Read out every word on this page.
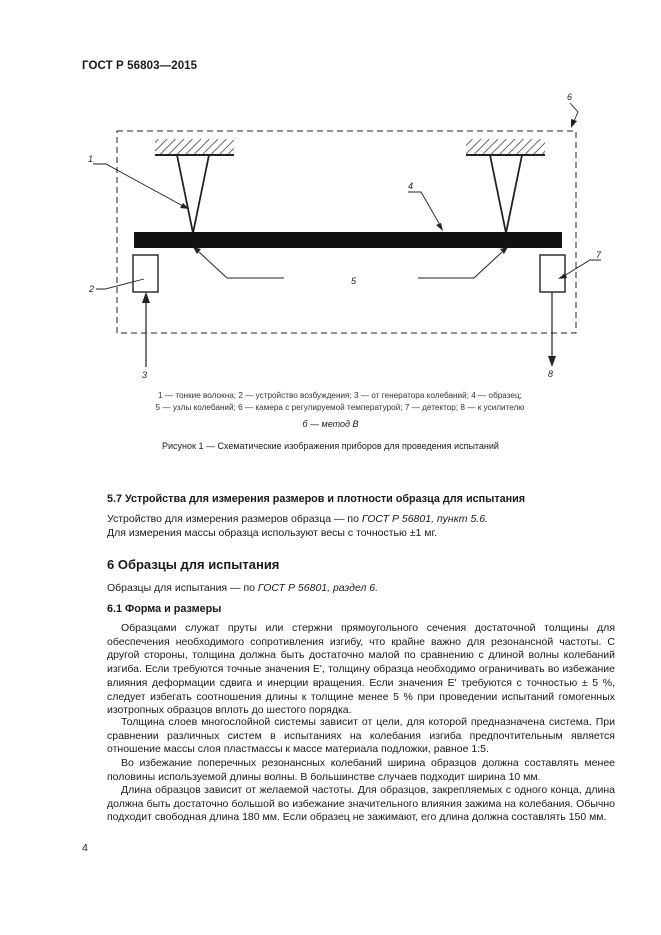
ГОСТ Р 56803—2015
1
2
3
4
5
6
7
8
1 — тонкие волокна; 2 — устройство возбуждения; 3 — от генератора колебаний; 4 — образец;
5 — узлы колебаний; 6 — камера с регулируемой температурой; 7 — детектор; 8 — к усилителю
б — метод В
Рисунок 1 — Схематические изображения приборов для проведения испытаний
5.7 Устройства для измерения размеров и плотности образца для испытания
Устройство для измерения размеров образца — по ГОСТ Р 56801, пункт 5.6.
Для измерения массы образца используют весы с точностью ±1 мг.
6 Образцы для испытания
Образцы для испытания — по ГОСТ Р 56801, раздел 6.
6.1 Форма и размеры
Образцами служат пруты или стержни прямоугольного сечения достаточной толщины для обеспечения необходимого сопротивления изгибу, что крайне важно для резонансной частоты. С другой стороны, толщина должна быть достаточно малой по сравнению с длиной волны колебаний изгиба. Если требуются точные значения E', толщину образца необходимо ограничивать во избежание влияния деформации сдвига и инерции вращения. Если значения E' требуются с точностью ± 5 %, следует избегать соотношения длины к толщине менее 5 % при проведении испытаний гомогенных изотропных образцов вплоть до шестого порядка.
Толщина слоев многослойной системы зависит от цели, для которой предназначена система. При сравнении различных систем в испытаниях на колебания изгиба предпочтительным является отношение массы слоя пластмассы к массе материала подложки, равное 1:5.
Во избежание поперечных резонансных колебаний ширина образцов должна составлять менее половины используемой длины волны. В большинстве случаев подходит ширина 10 мм.
Длина образцов зависит от желаемой частоты. Для образцов, закрепляемых с одного конца, длина должна быть достаточно большой во избежание значительного влияния зажима на колебания. Обычно подходит свободная длина 180 мм. Если образец не зажимают, его длина должна составлять 150 мм.
4
